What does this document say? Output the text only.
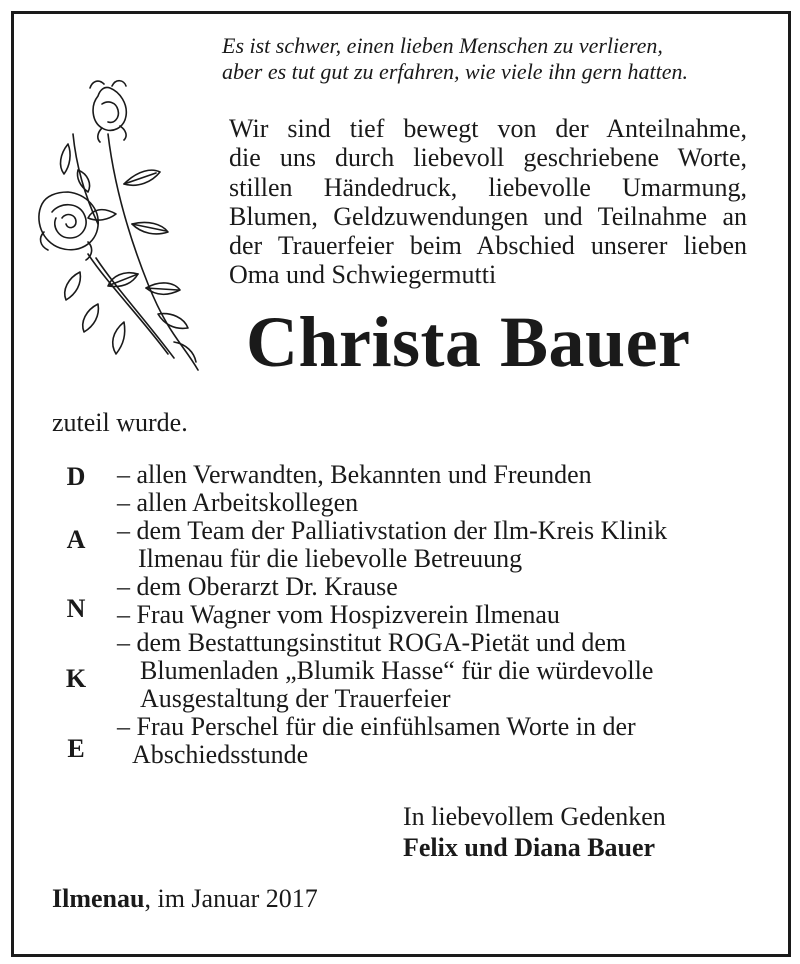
Es ist schwer, einen lieben Menschen zu verlieren,
aber es tut gut zu erfahren, wie viele ihn gern hatten.
Wir sind tief bewegt von der Anteilnahme,
die uns durch liebevoll geschriebene Worte,
stillen Händedruck, liebevolle Umarmung,
Blumen, Geldzuwendungen und Teilnahme an
der Trauerfeier beim Abschied unserer lieben
Oma und Schwiegermutti
Christa Bauer
zuteil wurde.
D
A
N
K
E
– allen Verwandten, Bekannten und Freunden
– allen Arbeitskollegen
– dem Team der Palliativstation der Ilm-Kreis Klinik
Ilmenau für die liebevolle Betreuung
– dem Oberarzt Dr. Krause
– Frau Wagner vom Hospizverein Ilmenau
– dem Bestattungsinstitut ROGA-Pietät und dem
Blumenladen „Blumik Hasse“ für die würdevolle
Ausgestaltung der Trauerfeier
– Frau Perschel für die einfühlsamen Worte in der
Abschiedsstunde
In liebevollem Gedenken
Felix und Diana Bauer
Ilmenau, im Januar 2017
